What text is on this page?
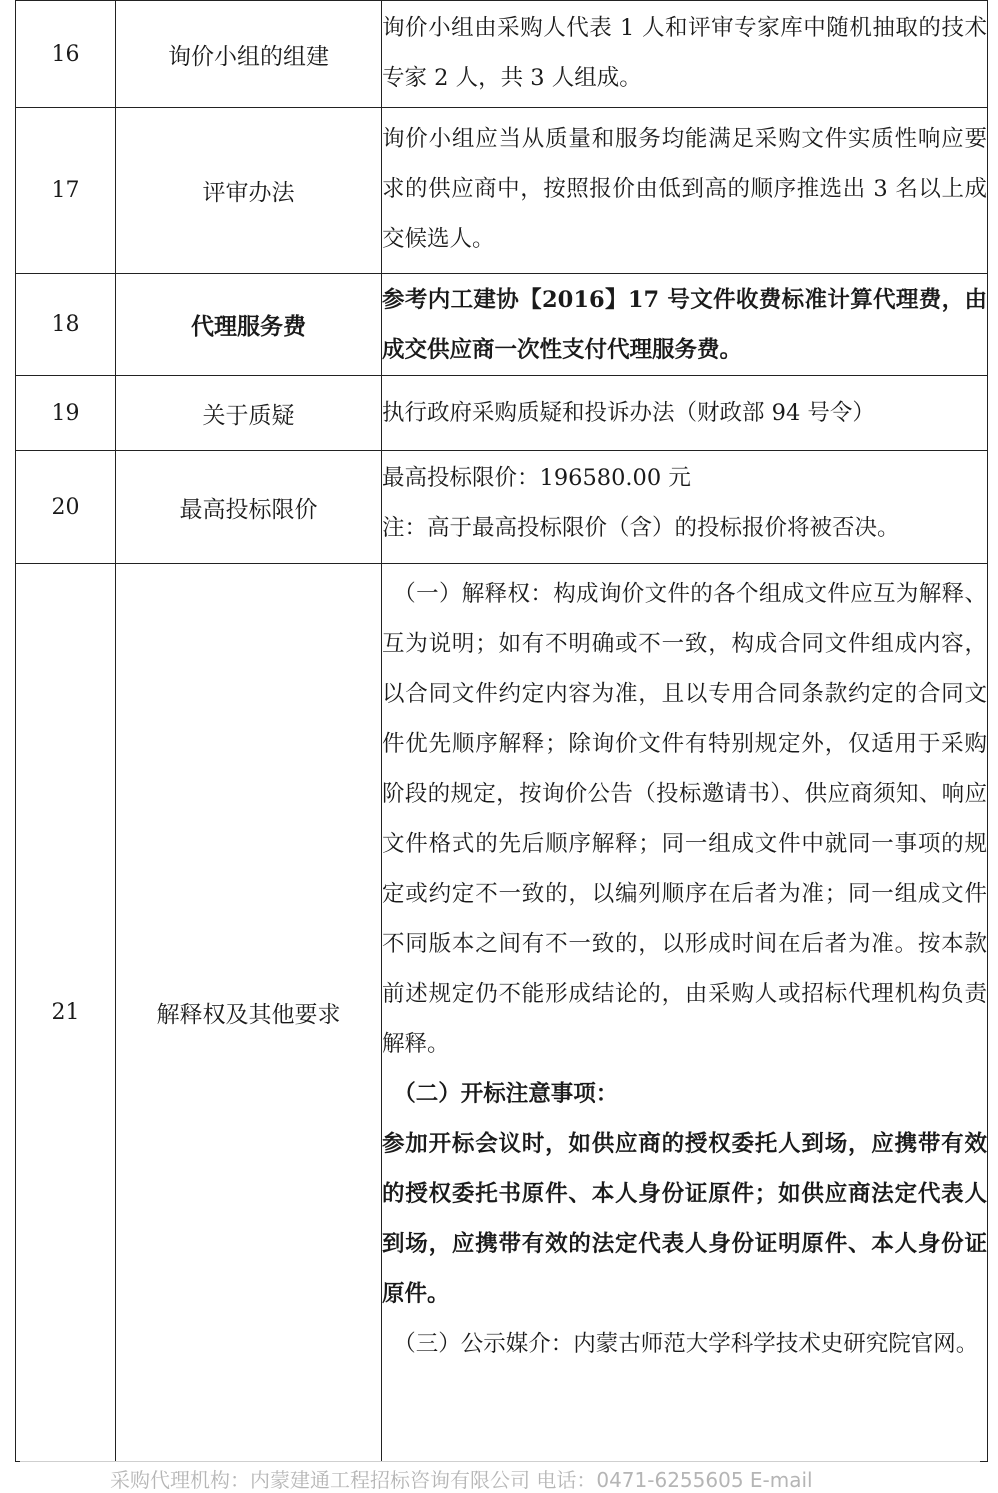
16	询价小组的组建	询价小组由采购人代表 1 人和评审专家库中随机抽取的技术专家 2 人，共 3 人组成。

17	评审办法	询价小组应当从质量和服务均能满足采购文件实质性响应要求的供应商中，按照报价由低到高的顺序推选出 3 名以上成交候选人。

18	代理服务费	参考内工建协【2016】17 号文件收费标准计算代理费，由成交供应商一次性支付代理服务费。

19	关于质疑	执行政府采购质疑和投诉办法（财政部 94 号令）

20	最高投标限价	最高投标限价：196580.00 元

注：高于最高投标限价（含）的投标报价将被否决。

21	解释权及其他要求	（一）解释权：构成询价文件的各个组成文件应互为解释、互为说明；如有不明确或不一致，构成合同文件组成内容，以合同文件约定内容为准，且以专用合同条款约定的合同文件优先顺序解释；除询价文件有特别规定外，仅适用于采购阶段的规定，按询价公告（投标邀请书）、供应商须知、响应文件格式的先后顺序解释；同一组成文件中就同一事项的规定或约定不一致的，以编列顺序在后者为准；同一组成文件不同版本之间有不一致的，以形成时间在后者为准。按本款前述规定仍不能形成结论的，由采购人或招标代理机构负责解释。

（二）开标注意事项：

参加开标会议时，如供应商的授权委托人到场，应携带有效的授权委托书原件、本人身份证原件；如供应商法定代表人到场，应携带有效的法定代表人身份证明原件、本人身份证原件。

（三）公示媒介：内蒙古师范大学科学技术史研究院官网。

采购代理机构：内蒙建通工程招标咨询有限公司 电话：0471-6255605 E-mail
